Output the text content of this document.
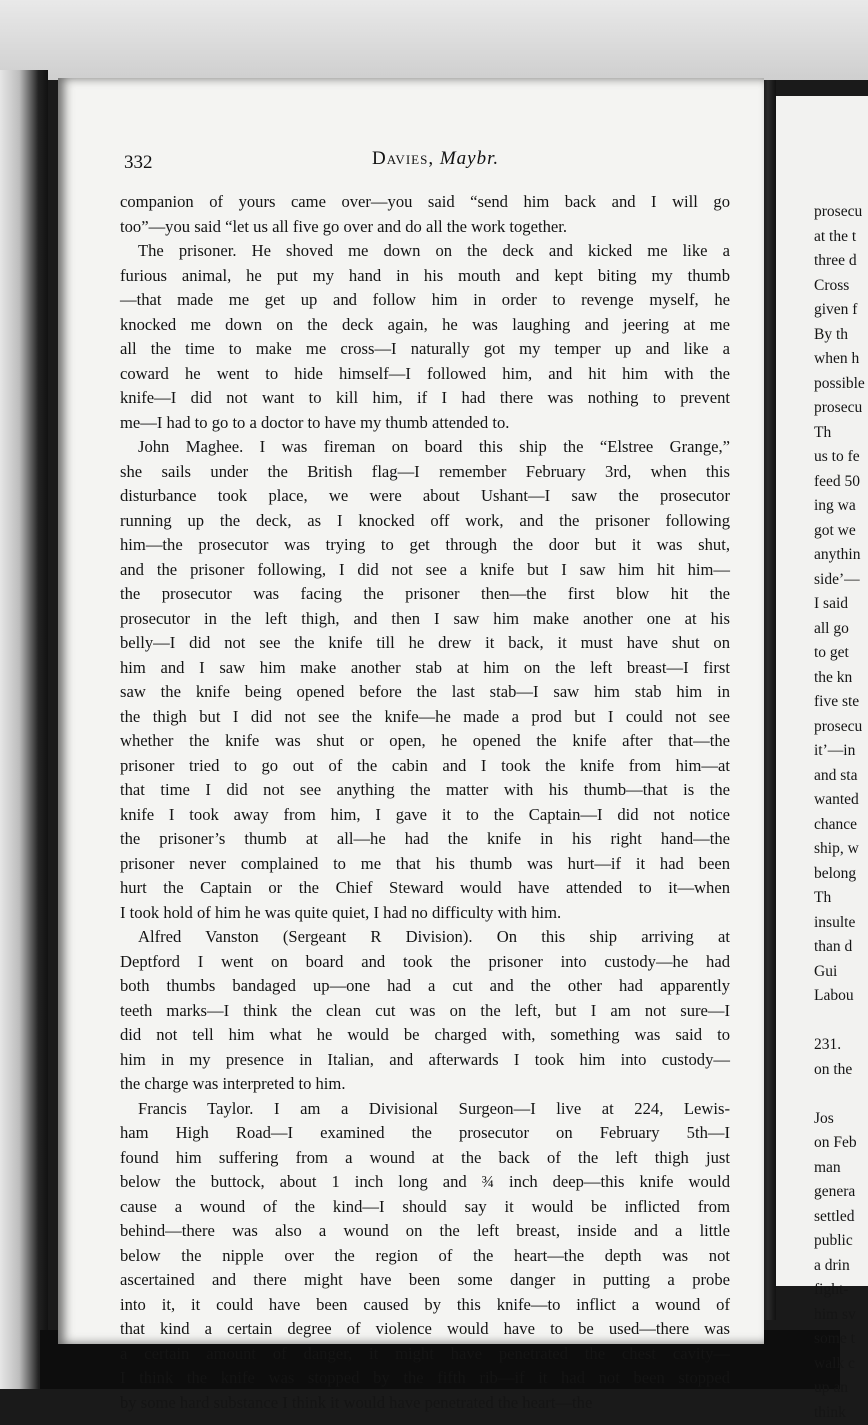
prosecu
at the t
three d
Cross
given f
By th
when h
possible
prosecu
Th
us to fe
feed 50
ing wa
got we
anythin
side’—
I said
all go
to get
the kn
five ste
prosecu
it’—in
and sta
wanted
chance
ship, w
belong
Th
insulte
than d
Gui
Labou

231.
on the

Jos
on Feb
man
genera
settled
public
a drin
fight-
him sv
some t
walk c
up an
think
332	Davies, Maybr.
companion of yours came over—you said “send him back and I will go
too”—you said “let us all five go over and do all the work together.
The prisoner. He shoved me down on the deck and kicked me like a
furious animal, he put my hand in his mouth and kept biting my thumb
—that made me get up and follow him in order to revenge myself, he
knocked me down on the deck again, he was laughing and jeering at me
all the time to make me cross—I naturally got my temper up and like a
coward he went to hide himself—I followed him, and hit him with the
knife—I did not want to kill him, if I had there was nothing to prevent
me—I had to go to a doctor to have my thumb attended to.
John Maghee. I was fireman on board this ship the “Elstree Grange,”
she sails under the British flag—I remember February 3rd, when this
disturbance took place, we were about Ushant—I saw the prosecutor
running up the deck, as I knocked off work, and the prisoner following
him—the prosecutor was trying to get through the door but it was shut,
and the prisoner following, I did not see a knife but I saw him hit him—
the prosecutor was facing the prisoner then—the first blow hit the
prosecutor in the left thigh, and then I saw him make another one at his
belly—I did not see the knife till he drew it back, it must have shut on
him and I saw him make another stab at him on the left breast—I first
saw the knife being opened before the last stab—I saw him stab him in
the thigh but I did not see the knife—he made a prod but I could not see
whether the knife was shut or open, he opened the knife after that—the
prisoner tried to go out of the cabin and I took the knife from him—at
that time I did not see anything the matter with his thumb—that is the
knife I took away from him, I gave it to the Captain—I did not notice
the prisoner’s thumb at all—he had the knife in his right hand—the
prisoner never complained to me that his thumb was hurt—if it had been
hurt the Captain or the Chief Steward would have attended to it—when
I took hold of him he was quite quiet, I had no difficulty with him.
Alfred Vanston (Sergeant R Division). On this ship arriving at
Deptford I went on board and took the prisoner into custody—he had
both thumbs bandaged up—one had a cut and the other had apparently
teeth marks—I think the clean cut was on the left, but I am not sure—I
did not tell him what he would be charged with, something was said to
him in my presence in Italian, and afterwards I took him into custody—
the charge was interpreted to him.
Francis Taylor. I am a Divisional Surgeon—I live at 224, Lewis-
ham High Road—I examined the prosecutor on February 5th—I
found him suffering from a wound at the back of the left thigh just
below the buttock, about 1 inch long and ¾ inch deep—this knife would
cause a wound of the kind—I should say it would be inflicted from
behind—there was also a wound on the left breast, inside and a little
below the nipple over the region of the heart—the depth was not
ascertained and there might have been some danger in putting a probe
into it, it could have been caused by this knife—to inflict a wound of
that kind a certain degree of violence would have to be used—there was
a certain amount of danger, it might have penetrated the chest cavity—
I think the knife was stopped by the fifth rib—if it had not been stopped
by some hard substance I think it would have penetrated the heart—the
